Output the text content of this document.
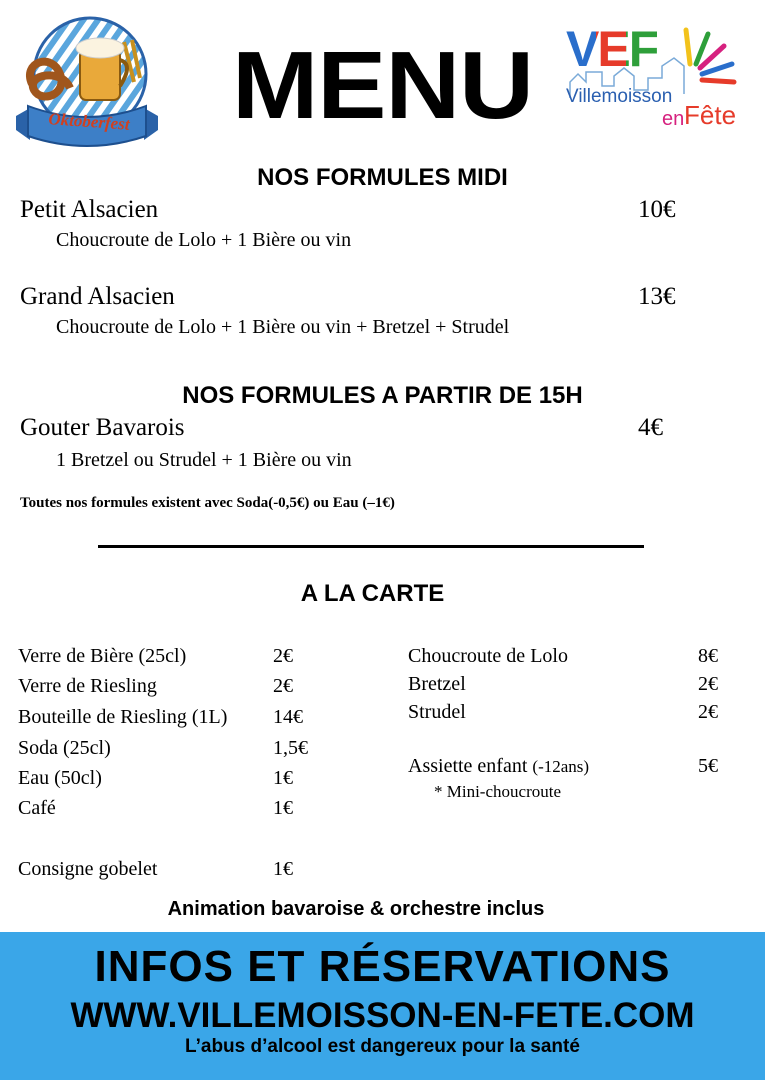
Oktoberfest	MENU VEF
Villemoisson
en Fête
NOS FORMULES MIDI
Petit Alsacien	10€
Choucroute de Lolo + 1 Bière ou vin
Grand Alsacien	13€
Choucroute de Lolo + 1 Bière ou vin + Bretzel + Strudel
NOS FORMULES A PARTIR DE 15H
Gouter Bavarois	4€
1 Bretzel ou Strudel + 1 Bière ou vin
Toutes nos formules existent avec Soda(-0,5€) ou Eau (–1€)
A LA CARTE
Verre de Bière (25cl)	2€
Verre de Riesling	2€
Bouteille de Riesling (1L) 14€
Soda (25cl)	1,5€
Eau (50cl)	1€
Café	1€
Consigne gobelet	1€
Choucroute de Lolo	8€
Bretzel	2€
Strudel	2€
Assiette enfant (-12ans)	5€
* Mini-choucroute
Animation bavaroise & orchestre inclus
INFOS ET RÉSERVATIONS
WWW.VILLEMOISSON-EN-FETE.COM
L’abus d’alcool est dangereux pour la santé
